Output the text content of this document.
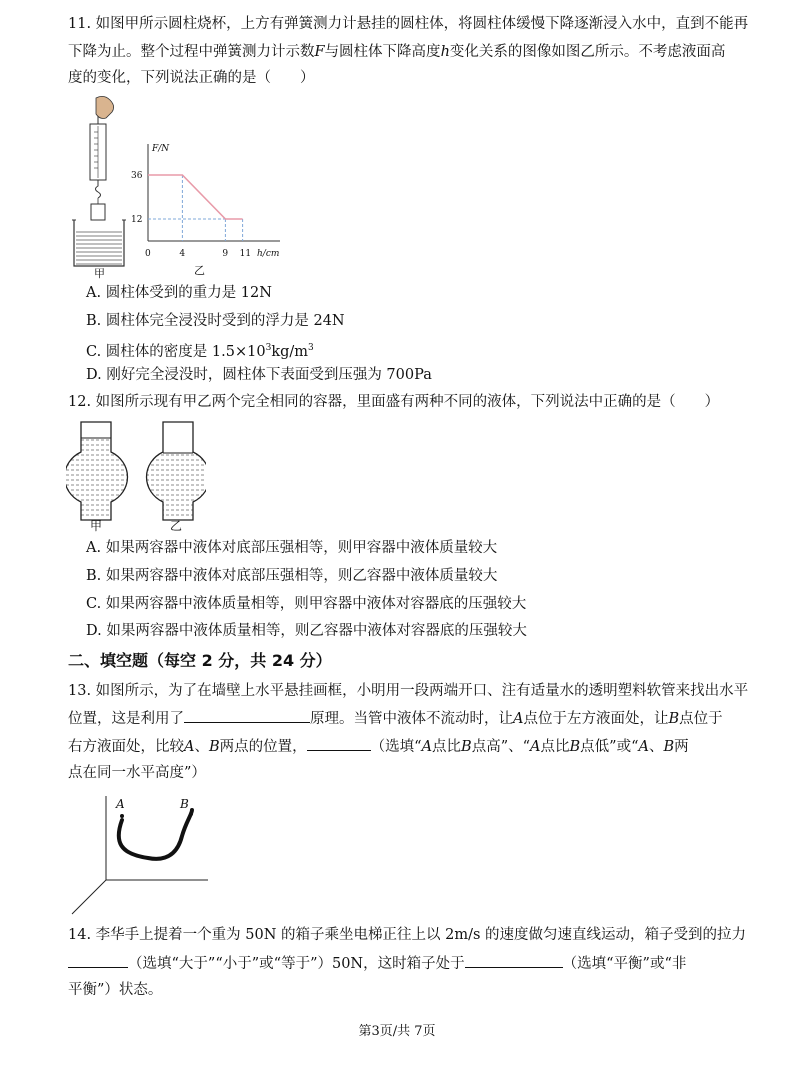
11. 如图甲所示圆柱烧杯，上方有弹簧测力计悬挂的圆柱体，将圆柱体缓慢下降逐渐浸入水中，直到不能再
下降为止。整个过程中弹簧测力计示数F与圆柱体下降高度h变化关系的图像如图乙所示。不考虑液面高
度的变化，下列说法正确的是（　　）
甲
F/N
h/cm
0	4	9 11
36
12
乙
A. 圆柱体受到的重力是 12N
B. 圆柱体完全浸没时受到的浮力是 24N
C. 圆柱体的密度是 $1.5\times 10^3kg/m^3$
D. 刚好完全浸没时，圆柱体下表面受到压强为 700Pa
12. 如图所示现有甲乙两个完全相同的容器，里面盛有两种不同的液体，下列说法中正确的是（　　）
甲	乙
A. 如果两容器中液体对底部压强相等，则甲容器中液体质量较大
B. 如果两容器中液体对底部压强相等，则乙容器中液体质量较大
C. 如果两容器中液体质量相等，则甲容器中液体对容器底的压强较大
D. 如果两容器中液体质量相等，则乙容器中液体对容器底的压强较大
二、填空题（每空 2 分，共 24 分）
13. 如图所示，为了在墙壁上水平悬挂画框，小明用一段两端开口、注有适量水的透明塑料软管来找出水平
位置，这是利用了	原理。当管中液体不流动时，让A点位于左方液面处，让B点位于
右方液面处，比较A、B两点的位置，	（选填“A点比B点高”、“A点比B点低”或“A、B两
点在同一水平高度”）
A	B
14. 李华手上提着一个重为 50N 的箱子乘坐电梯正往上以 2m/s 的速度做匀速直线运动，箱子受到的拉力
（选填“大于”“小于”或“等于”）50N，这时箱子处于	（选填“平衡”或“非
平衡”）状态。
第3页/共 7页
